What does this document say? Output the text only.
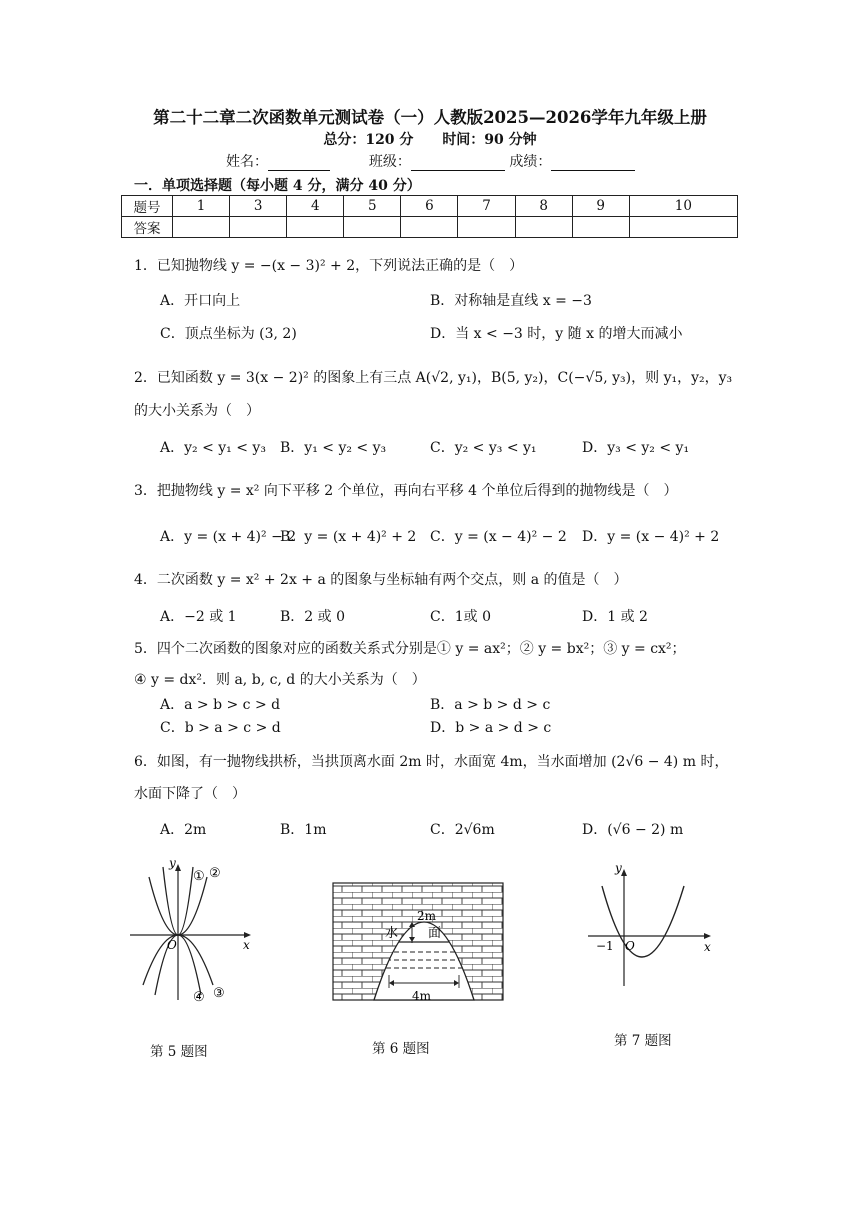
第二十二章二次函数单元测试卷（一）人教版2025—2026学年九年级上册
总分：120 分 时间：90 分钟
姓名：	班级：	成绩：
一．单项选择题（每小题 4 分，满分 40 分）
题号	1	3	4	5	6	7	8	9	10
答案									
1．已知抛物线 y = −(x − 3)² + 2，下列说法正确的是（　）
A．开口向上	B．对称轴是直线 x = −3
C．顶点坐标为 (3, 2)	D．当 x < −3 时，y 随 x 的增大而减小
2．已知函数 y = 3(x − 2)² 的图象上有三点 A(√2, y₁)，B(5, y₂)，C(−√5, y₃)，则 y₁，y₂，y₃
的大小关系为（　）
A．y₂ < y₁ < y₃ B．y₁ < y₂ < y₃	C．y₂ < y₃ < y₁	D．y₃ < y₂ < y₁
3．把抛物线 y = x² 向下平移 2 个单位，再向右平移 4 个单位后得到的抛物线是（　）
A．y = (x + 4)² − 2
B．y = (x + 4)² + 2 C．y = (x − 4)² − 2 D．y = (x − 4)² + 2
4．二次函数 y = x² + 2x + a 的图象与坐标轴有两个交点，则 a 的值是（　）
A．−2 或 1	B．2 或 0	C．1或 0	D．1 或 2
5．四个二次函数的图象对应的函数关系式分别是① y = ax²；② y = bx²；③ y = cx²；
④ y = dx²．则 a, b, c, d 的大小关系为（　）
A．a > b > c > d	B．a > b > d > c
C．b > a > c > d	D．b > a > d > c
6．如图，有一抛物线拱桥，当拱顶离水面 2m 时，水面宽 4m，当水面增加 (2√6 − 4) m 时，
水面下降了（　）
A．2m	B．1m	C．2√6m	D．(√6 − 2) m
y
x
O
① ②
③
④
第 5 题图
2m
水 面
4m
第 6 题图
y
x
O
−1
第 7 题图
